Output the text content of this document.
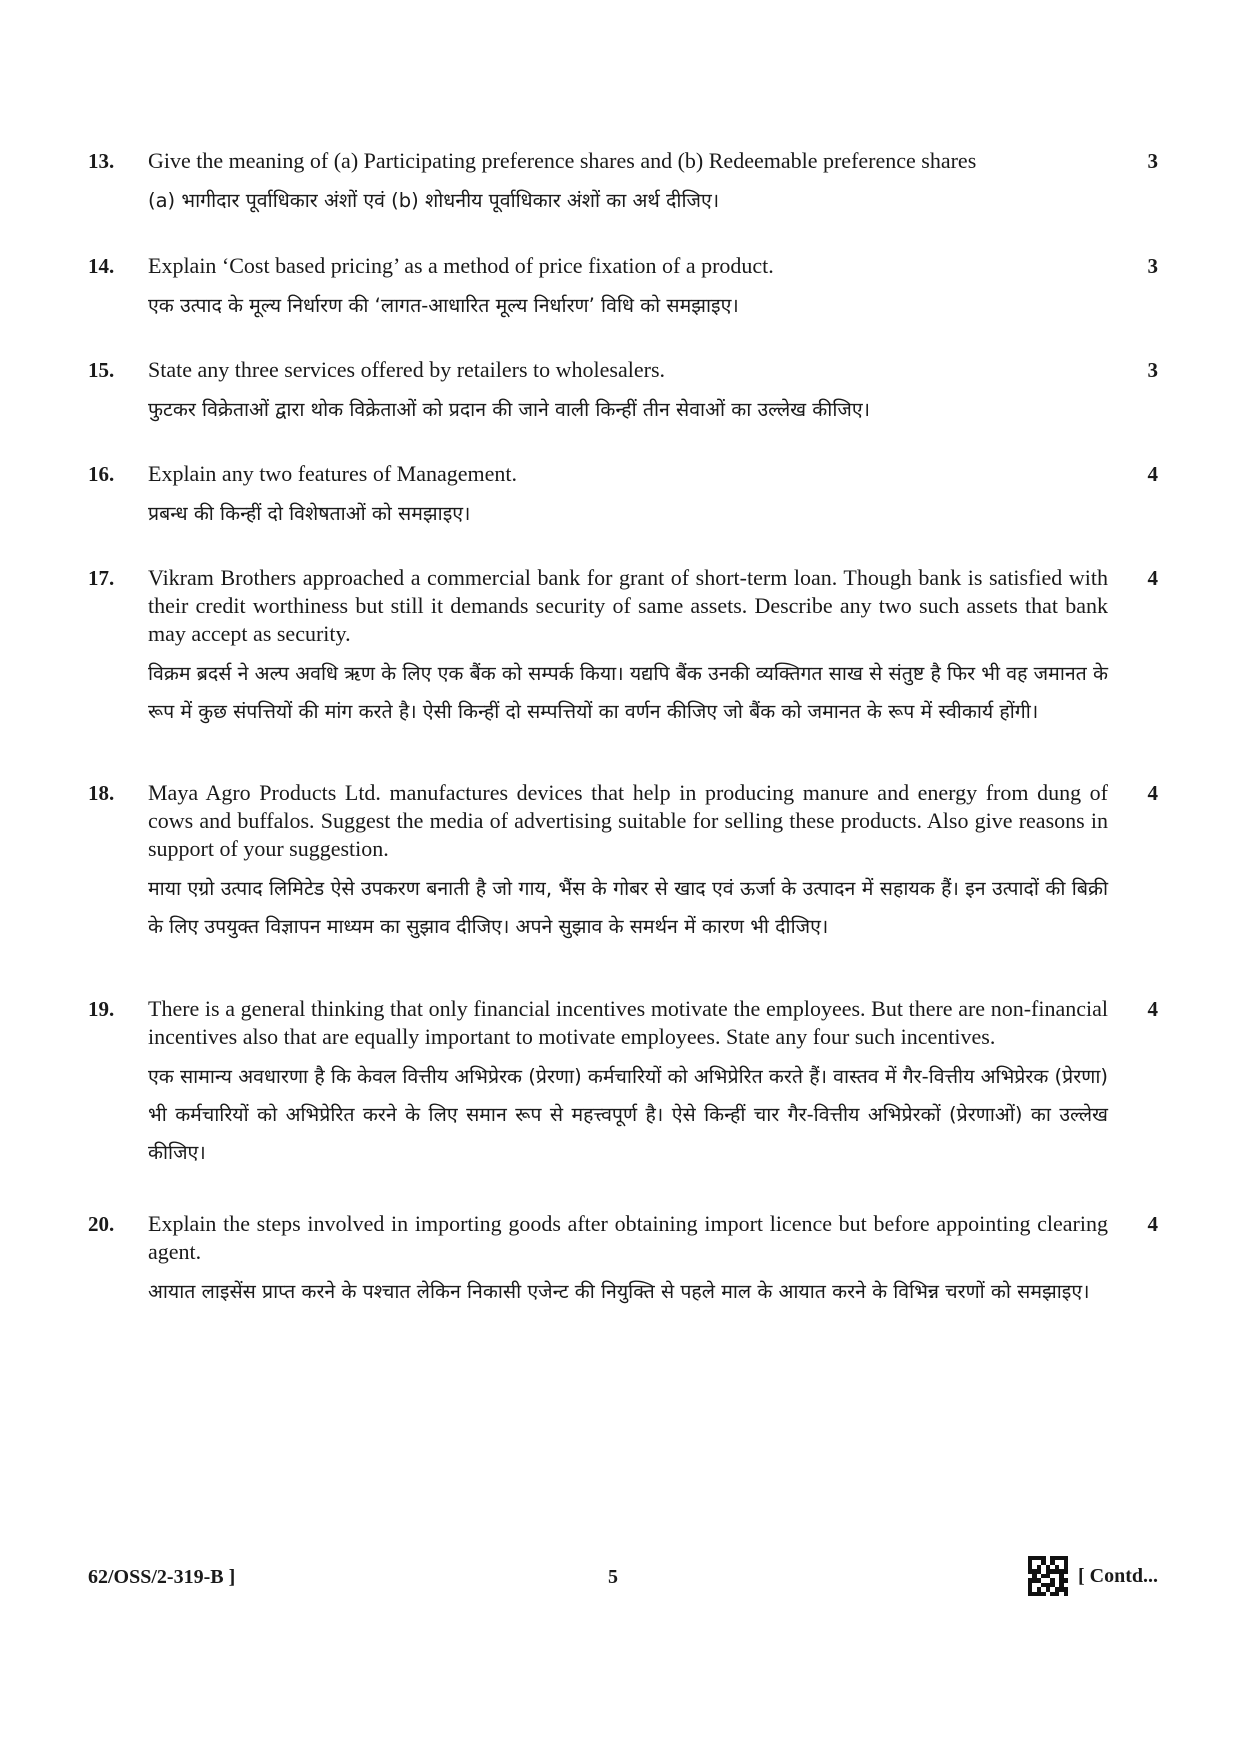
13.	3
Give the meaning of (a) Participating preference shares and (b) Redeemable preference shares
(a) भागीदार पूर्वाधिकार अंशों एवं (b) शोधनीय पूर्वाधिकार अंशों का अर्थ दीजिए।
14.	3
Explain ‘Cost based pricing’ as a method of price fixation of a product.
एक उत्पाद के मूल्य निर्धारण की ‘लागत-आधारित मूल्य निर्धारण’ विधि को समझाइए।
15.	3
State any three services offered by retailers to wholesalers.
फुटकर विक्रेताओं द्वारा थोक विक्रेताओं को प्रदान की जाने वाली किन्हीं तीन सेवाओं का उल्लेख कीजिए।
16.	4
Explain any two features of Management.
प्रबन्ध की किन्हीं दो विशेषताओं को समझाइए।
17.	4
Vikram Brothers approached a commercial bank for grant of short-term loan. Though bank is satisfied with their credit worthiness but still it demands security of same assets. Describe any two such assets that bank may accept as security.
विक्रम ब्रदर्स ने अल्प अवधि ऋण के लिए एक बैंक को सम्पर्क किया। यद्यपि बैंक उनकी व्यक्तिगत साख से संतुष्ट है फिर भी वह जमानत के रूप में कुछ संपत्तियों की मांग करते है। ऐसी किन्हीं दो सम्पत्तियों का वर्णन कीजिए जो बैंक को जमानत के रूप में स्वीकार्य होंगी।
18.	4
Maya Agro Products Ltd. manufactures devices that help in producing manure and energy from dung of cows and buffalos. Suggest the media of advertising suitable for selling these products. Also give reasons in support of your suggestion.
माया एग्रो उत्पाद लिमिटेड ऐसे उपकरण बनाती है जो गाय, भैंस के गोबर से खाद एवं ऊर्जा के उत्पादन में सहायक हैं। इन उत्पादों की बिक्री के लिए उपयुक्त विज्ञापन माध्यम का सुझाव दीजिए। अपने सुझाव के समर्थन में कारण भी दीजिए।
19.	4
There is a general thinking that only financial incentives motivate the employees. But there are non-financial incentives also that are equally important to motivate employees. State any four such incentives.
एक सामान्य अवधारणा है कि केवल वित्तीय अभिप्रेरक (प्रेरणा) कर्मचारियों को अभिप्रेरित करते हैं। वास्तव में गैर-वित्तीय अभिप्रेरक (प्रेरणा) भी कर्मचारियों को अभिप्रेरित करने के लिए समान रूप से महत्त्वपूर्ण है। ऐसे किन्हीं चार गैर-वित्तीय अभिप्रेरकों (प्रेरणाओं) का उल्लेख कीजिए।
20.	4
Explain the steps involved in importing goods after obtaining import licence but before appointing clearing agent.
आयात लाइसेंस प्राप्त करने के पश्चात लेकिन निकासी एजेन्ट की नियुक्ति से पहले माल के आयात करने के विभिन्न चरणों को समझाइए।
62/OSS/2-319-B ]	5	[ Contd...
